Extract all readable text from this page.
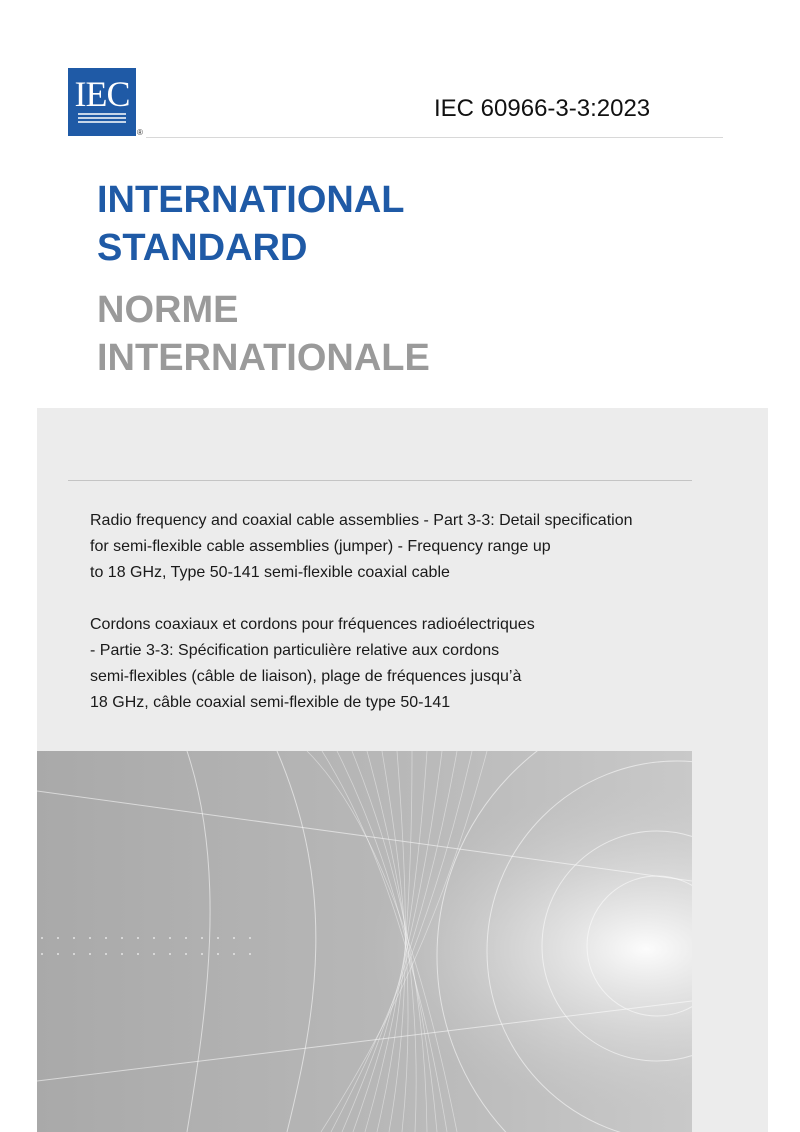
IEC
®
IEC 60966-3-3:2023
INTERNATIONAL
STANDARD
NORME
INTERNATIONALE

Radio frequency and coaxial cable assemblies - Part 3-3: Detail specification
for semi-flexible cable assemblies (jumper) - Frequency range up
to 18 GHz, Type 50-141 semi-flexible coaxial cable

Cordons coaxiaux et cordons pour fréquences radioélectriques
- Partie 3-3: Spécification particulière relative aux cordons
semi-flexibles (câble de liaison), plage de fréquences jusqu’à
18 GHz, câble coaxial semi-flexible de type 50-141
